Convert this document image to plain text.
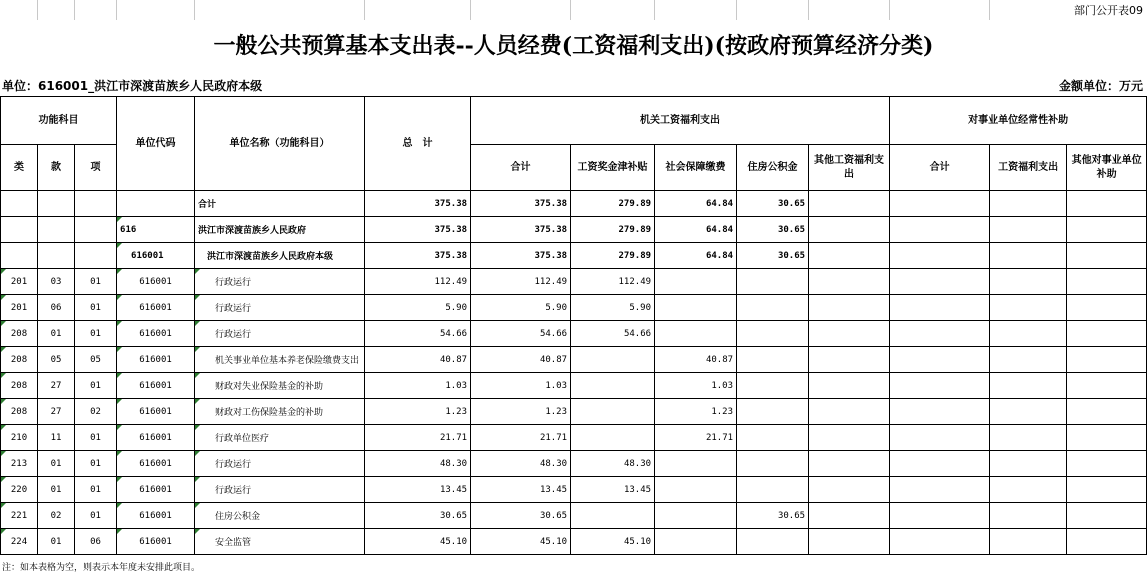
部门公开表09
一般公共预算基本支出表--人员经费(工资福利支出)(按政府预算经济分类)
单位：616001_洪江市深渡苗族乡人民政府本级	金额单位：万元
功能科目			单位代码	单位名称（功能科目）	总　计	机关工资福利支出					对事业单位经常性补助		
类	款	项				合计	工资奖金津补贴	社会保障缴费	住房公积金	其他工资福利支出	合计	工资福利支出	其他对事业单位补助
				合计	375.38	375.38	279.89	64.84	30.65				
			616	洪江市深渡苗族乡人民政府	375.38	375.38	279.89	64.84	30.65				
			616001	洪江市深渡苗族乡人民政府本级	375.38	375.38	279.89	64.84	30.65				
201	03	01	616001	行政运行	112.49	112.49	112.49						
201	06	01	616001	行政运行	5.90	5.90	5.90						
208	01	01	616001	行政运行	54.66	54.66	54.66						
208	05	05	616001	机关事业单位基本养老保险缴费支出	40.87	40.87		40.87					
208	27	01	616001	财政对失业保险基金的补助	1.03	1.03		1.03					
208	27	02	616001	财政对工伤保险基金的补助	1.23	1.23		1.23					
210	11	01	616001	行政单位医疗	21.71	21.71		21.71					
213	01	01	616001	行政运行	48.30	48.30	48.30						
220	01	01	616001	行政运行	13.45	13.45	13.45						
221	02	01	616001	住房公积金	30.65	30.65			30.65				
224	01	06	616001	安全监管	45.10	45.10	45.10						
注：如本表格为空，则表示本年度未安排此项目。
